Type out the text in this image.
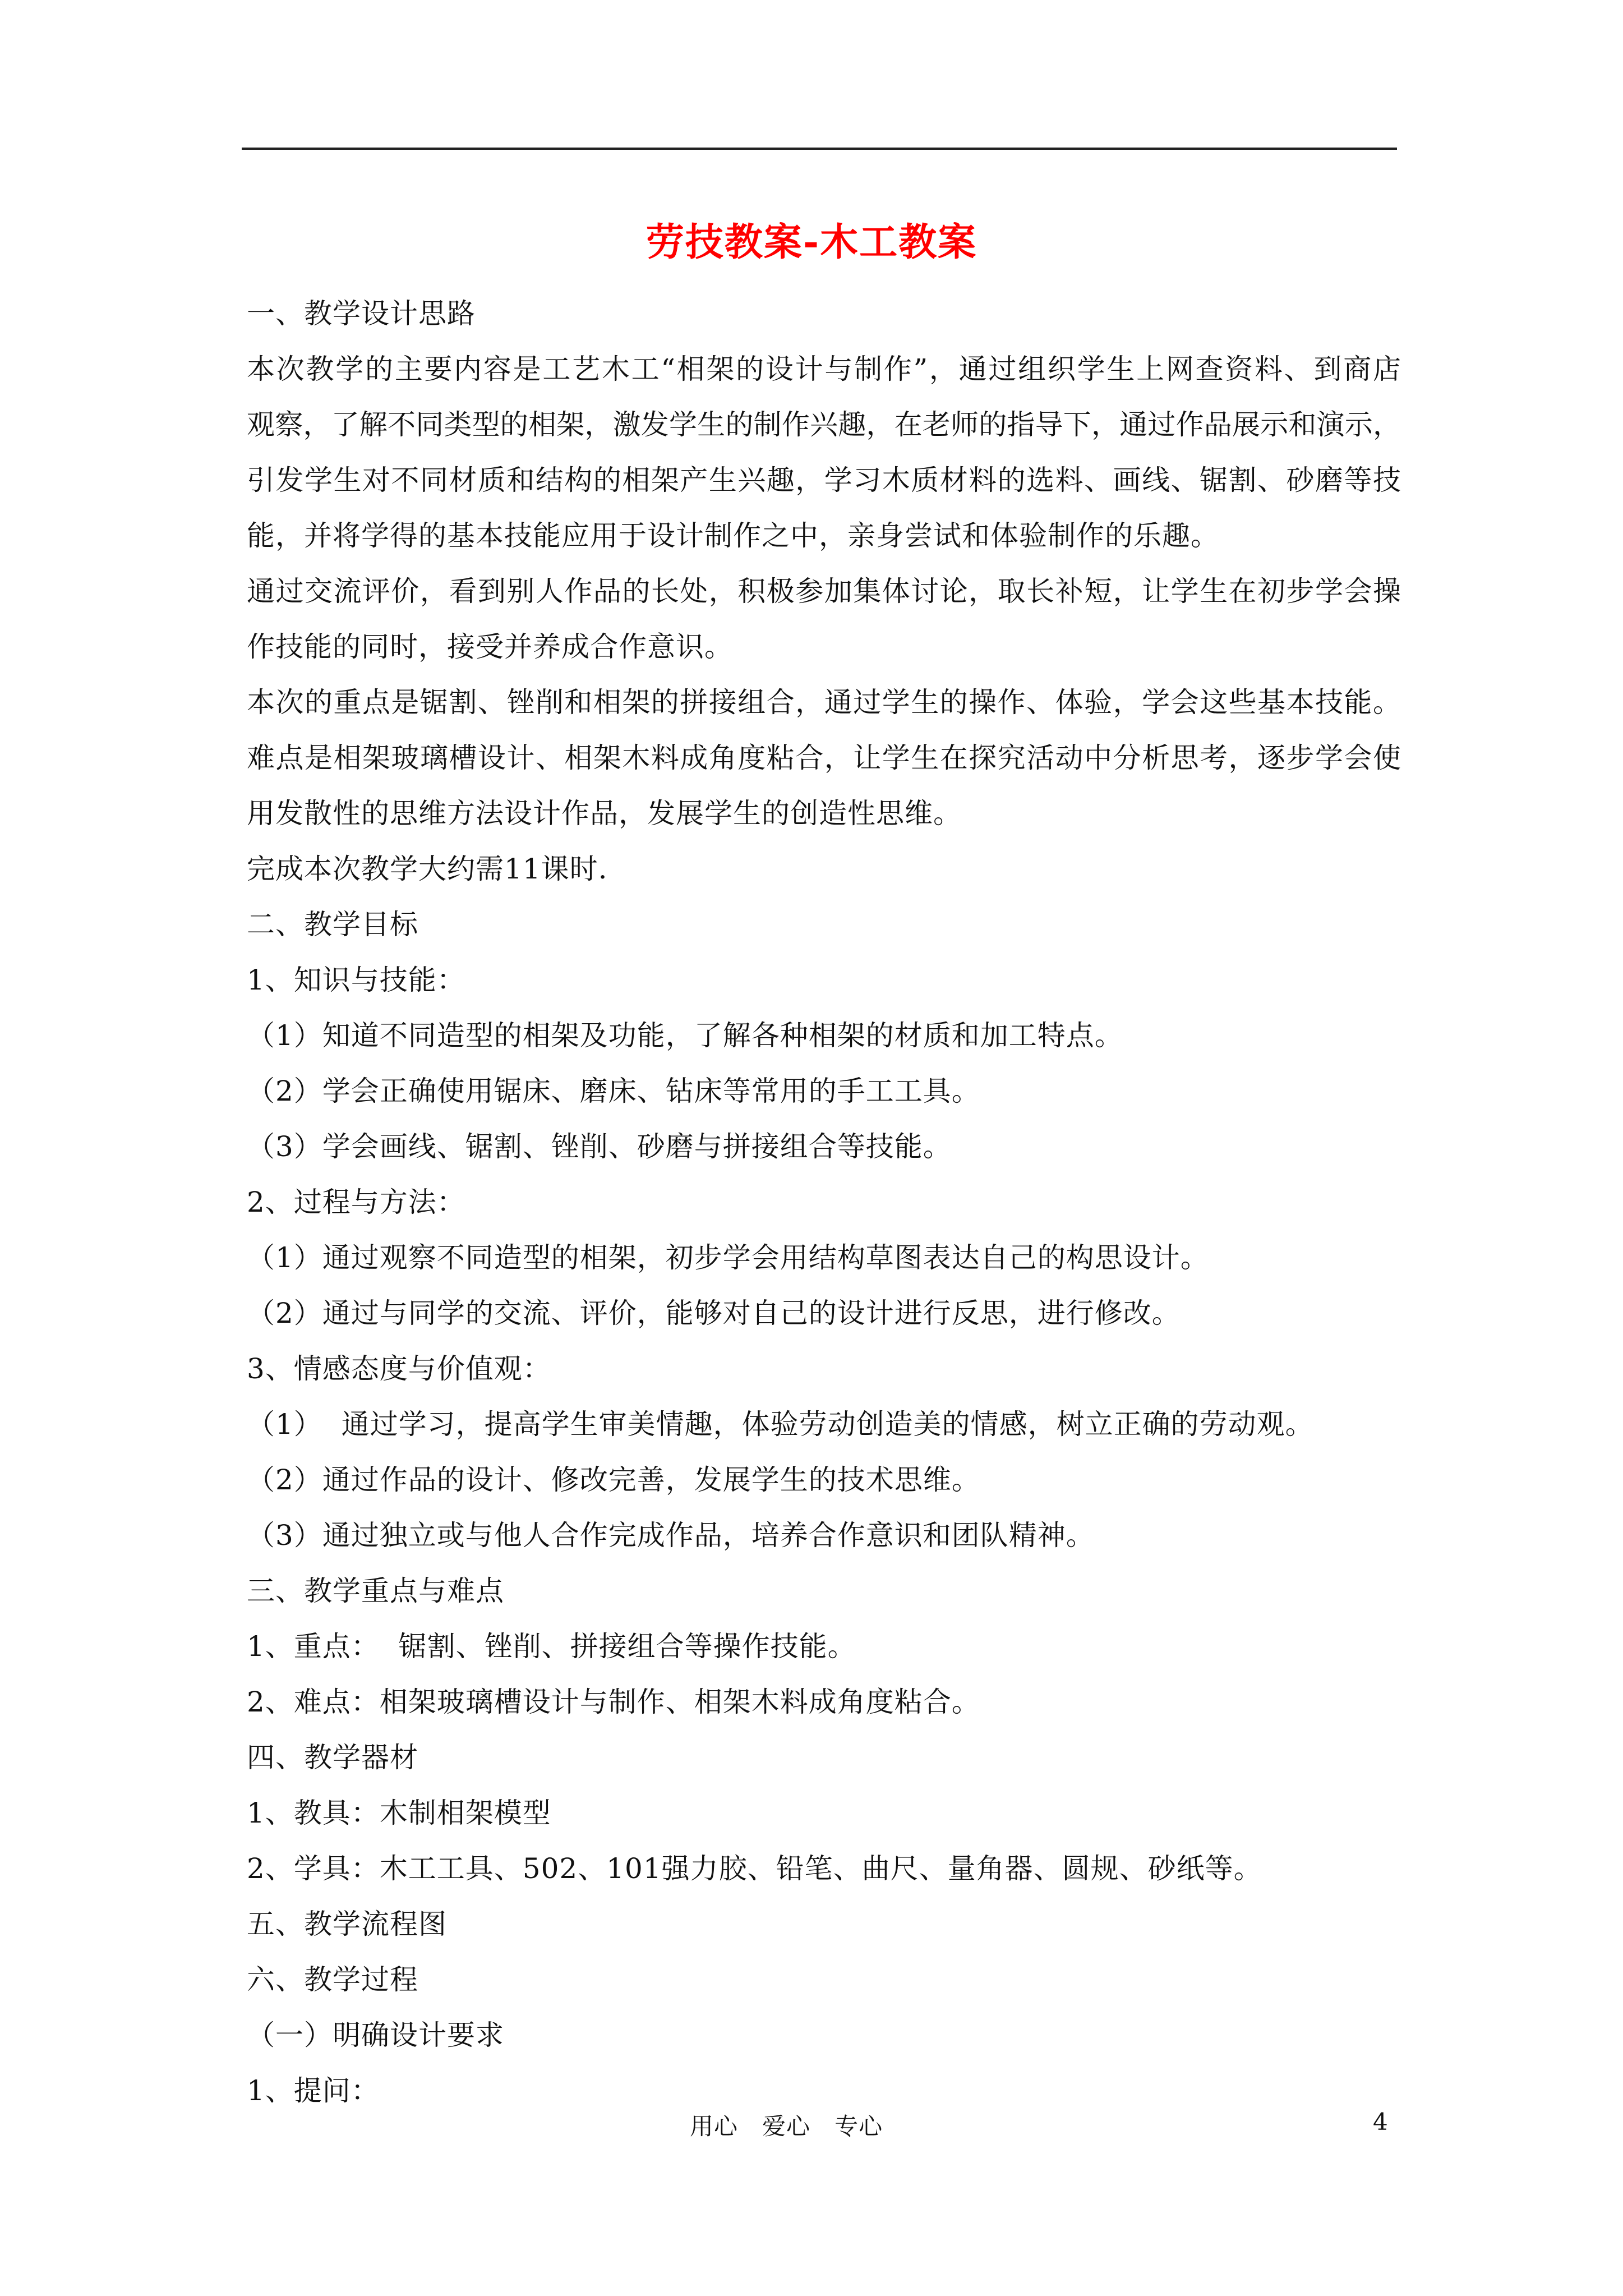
劳技教案-木工教案
一、教学设计思路
本次教学的主要内容是工艺木工“相架的设计与制作”，通过组织学生上网查资料、到商店
观察，了解不同类型的相架，激发学生的制作兴趣，在老师的指导下，通过作品展示和演示，
引发学生对不同材质和结构的相架产生兴趣，学习木质材料的选料、画线、锯割、砂磨等技
能，并将学得的基本技能应用于设计制作之中，亲身尝试和体验制作的乐趣。
通过交流评价，看到别人作品的长处，积极参加集体讨论，取长补短，让学生在初步学会操
作技能的同时，接受并养成合作意识。
本次的重点是锯割、锉削和相架的拼接组合，通过学生的操作、体验，学会这些基本技能。
难点是相架玻璃槽设计、相架木料成角度粘合，让学生在探究活动中分析思考，逐步学会使
用发散性的思维方法设计作品，发展学生的创造性思维。
完成本次教学大约需11课时.
二、教学目标
1、知识与技能：
（1）知道不同造型的相架及功能，了解各种相架的材质和加工特点。
（2）学会正确使用锯床、磨床、钻床等常用的手工工具。
（3）学会画线、锯割、锉削、砂磨与拼接组合等技能。
2、过程与方法：
（1）通过观察不同造型的相架，初步学会用结构草图表达自己的构思设计。
（2）通过与同学的交流、评价，能够对自己的设计进行反思，进行修改。
3、情感态度与价值观：
（1）  通过学习，提高学生审美情趣，体验劳动创造美的情感，树立正确的劳动观。
（2）通过作品的设计、修改完善，发展学生的技术思维。
（3）通过独立或与他人合作完成作品，培养合作意识和团队精神。
三、教学重点与难点
1、重点：  锯割、锉削、拼接组合等操作技能。
2、难点：相架玻璃槽设计与制作、相架木料成角度粘合。
四、教学器材
1、教具：木制相架模型
2、学具：木工工具、502、101强力胶、铅笔、曲尺、量角器、圆规、砂纸等。
五、教学流程图
六、教学过程
（一）明确设计要求
1、提问：
用心   爱心   专心	4
